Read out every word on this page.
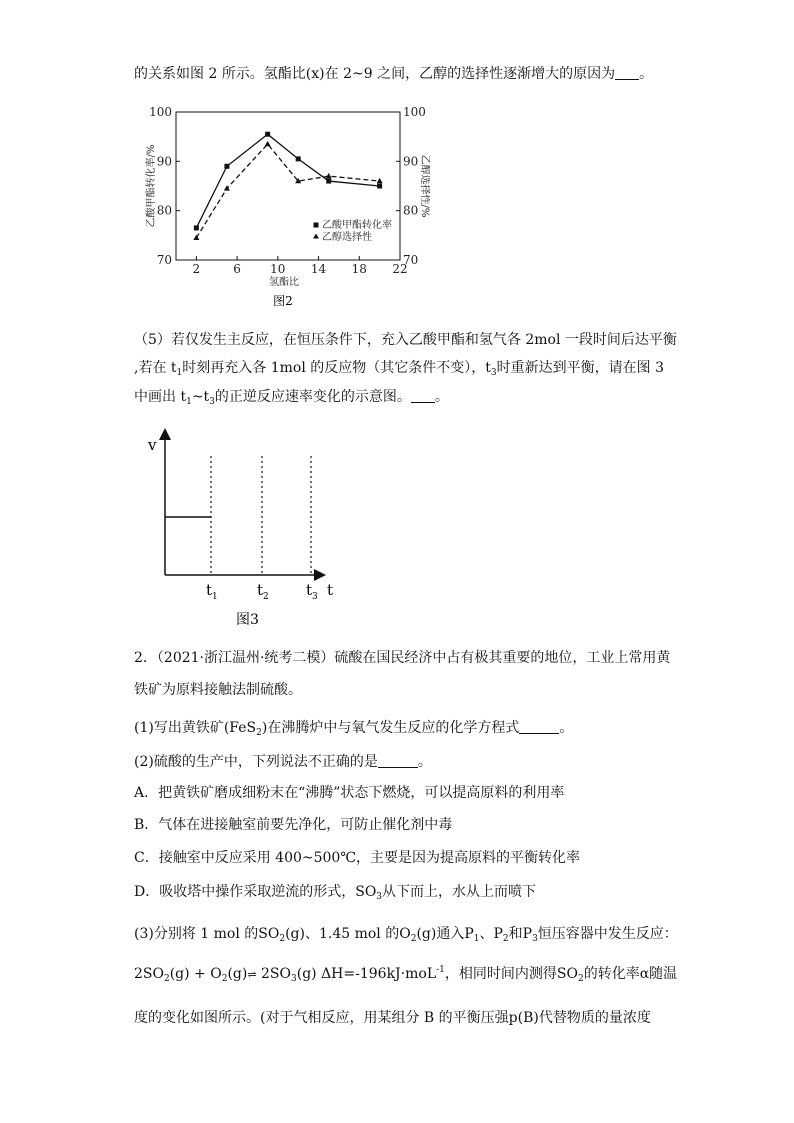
的关系如图 2 所示。氢酯比(x)在 2~9 之间，乙醇的选择性逐渐增大的原因为 。
2	6 10 14 18 22
70
80
90
100
70
80
90
100
氢酯比
乙酸甲酯转化率/%	乙醇选择性/%
乙酸甲酯转化率
乙醇选择性
图2
（5）若仅发生主反应，在恒压条件下，充入乙酸甲酯和氢气各 2mol 一段时间后达平衡
,若在 $t_1$时刻再充入各 1mol 的反应物（其它条件不变），$t_3$时重新达到平衡，请在图 3
中画出 $t_1\sim t_3$的正逆反应速率变化的示意图。 。
v
t
$t_1$	$t_2$ $t_3$
图3
2．（2021·浙江温州·统考二模）硫酸在国民经济中占有极其重要的地位，工业上常用黄
铁矿为原料接触法制硫酸。
(1)写出黄铁矿(FeS$_2$)在沸腾炉中与氧气发生反应的化学方程式	。
(2)硫酸的生产中，下列说法不正确的是	。
A．把黄铁矿磨成细粉末在“沸腾”状态下燃烧，可以提高原料的利用率
B．气体在进接触室前要先净化，可防止催化剂中毒
C．接触室中反应采用 400~500℃，主要是因为提高原料的平衡转化率
D．吸收塔中操作采取逆流的形式，$SO_3$从下而上，水从上而喷下
(3)分别将 1 mol 的$SO_2(g)$、1.45 mol 的$O_2(g)$通入$P_1$、$P_2$和$P_3$恒压容器中发生反应：
$2SO_2(g)$ + $O_2(g)\rightleftharpoons$ $2SO_3(g)$ ΔH=-196kJ·moL$^{-1}$，相同时间内测得$SO_2$的转化率α随温
度的变化如图所示。(对于气相反应，用某组分 B 的平衡压强p(B)代替物质的量浓度
